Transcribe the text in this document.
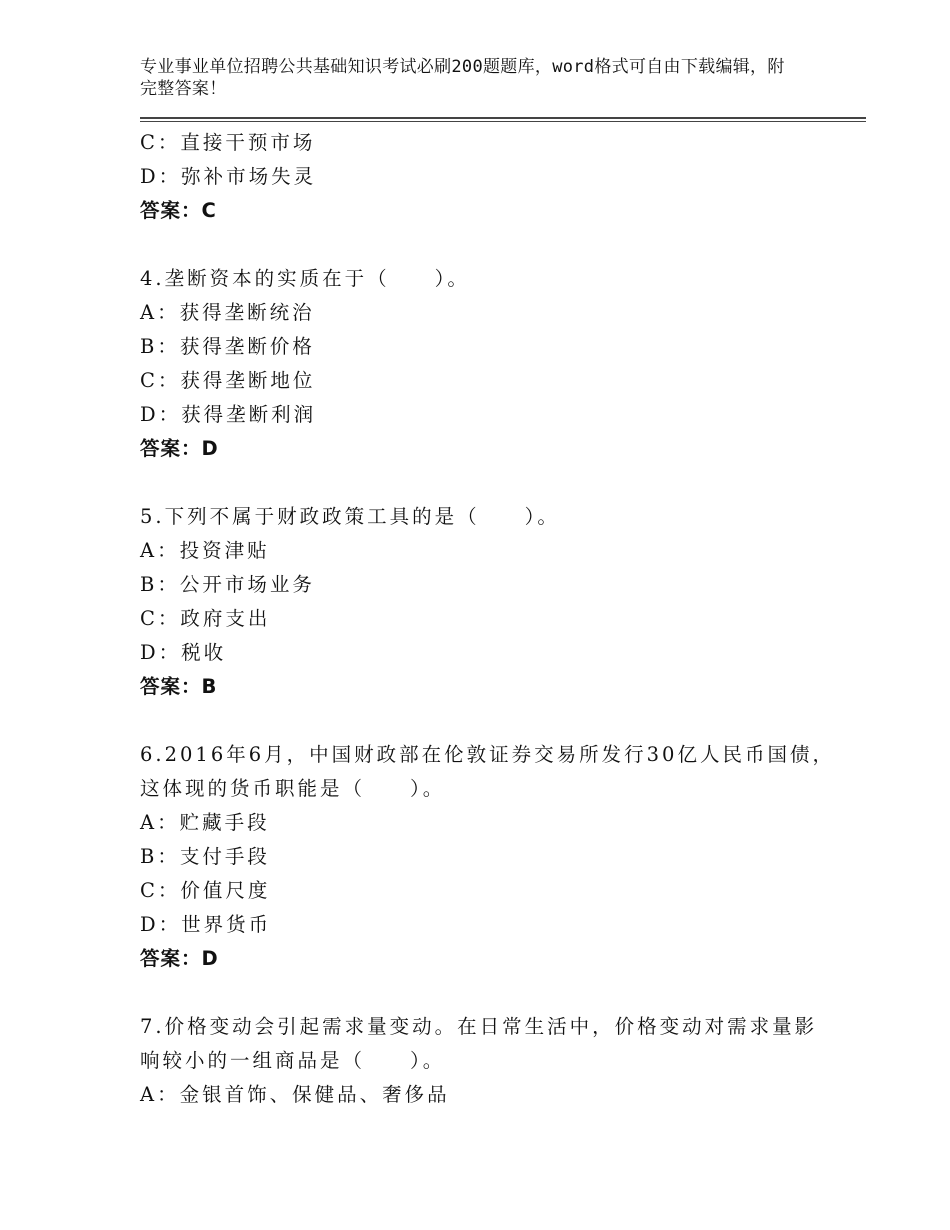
专业事业单位招聘公共基础知识考试必刷200题题库，word格式可自由下载编辑，附完整答案！

C：直接干预市场
D：弥补市场失灵
答案：C
4.垄断资本的实质在于（　　）。
A：获得垄断统治
B：获得垄断价格
C：获得垄断地位
D：获得垄断利润
答案：D
5.下列不属于财政政策工具的是（　　）。
A：投资津贴
B：公开市场业务
C：政府支出
D：税收
答案：B
6.2016年6月，中国财政部在伦敦证券交易所发行30亿人民币国债，
这体现的货币职能是（　　）。
A：贮藏手段
B：支付手段
C：价值尺度
D：世界货币
答案：D
7.价格变动会引起需求量变动。在日常生活中，价格变动对需求量影
响较小的一组商品是（　　）。
A：金银首饰、保健品、奢侈品
